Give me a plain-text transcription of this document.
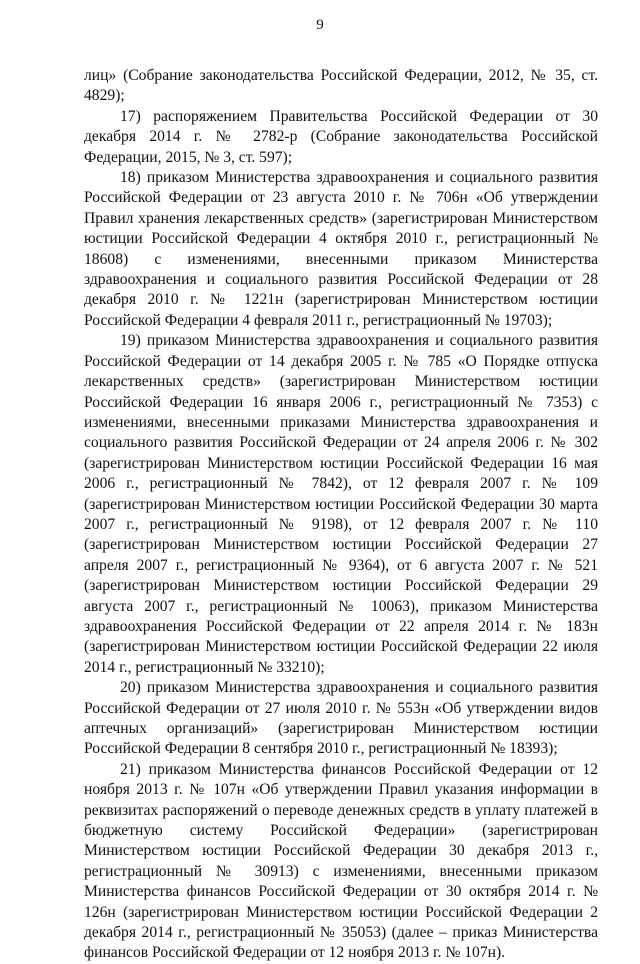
9

лиц» (Собрание законодательства Российской Федерации, 2012, № 35, ст. 4829);

17) распоряжением Правительства Российской Федерации от 30 декабря 2014 г. № 2782-р (Собрание законодательства Российской Федерации, 2015, № 3, ст. 597);

18) приказом Министерства здравоохранения и социального развития Российской Федерации от 23 августа 2010 г. № 706н «Об утверждении Правил хранения лекарственных средств» (зарегистрирован Министерством юстиции Российской Федерации 4 октября 2010 г., регистрационный № 18608) с изменениями, внесенными приказом Министерства здравоохранения и социального развития Российской Федерации от 28 декабря 2010 г. № 1221н (зарегистрирован Министерством юстиции Российской Федерации 4 февраля 2011 г., регистрационный № 19703);

19) приказом Министерства здравоохранения и социального развития Российской Федерации от 14 декабря 2005 г. № 785 «О Порядке отпуска лекарственных средств» (зарегистрирован Министерством юстиции Российской Федерации 16 января 2006 г., регистрационный № 7353) с изменениями, внесенными приказами Министерства здравоохранения и социального развития Российской Федерации от 24 апреля 2006 г. № 302 (зарегистрирован Министерством юстиции Российской Федерации 16 мая 2006 г., регистрационный № 7842), от 12 февраля 2007 г. № 109 (зарегистрирован Министерством юстиции Российской Федерации 30 марта 2007 г., регистрационный № 9198), от 12 февраля 2007 г. № 110 (зарегистрирован Министерством юстиции Российской Федерации 27 апреля 2007 г., регистрационный № 9364), от 6 августа 2007 г. № 521 (зарегистрирован Министерством юстиции Российской Федерации 29 августа 2007 г., регистрационный № 10063), приказом Министерства здравоохранения Российской Федерации от 22 апреля 2014 г. № 183н (зарегистрирован Министерством юстиции Российской Федерации 22 июля 2014 г., регистрационный № 33210);

20) приказом Министерства здравоохранения и социального развития Российской Федерации от 27 июля 2010 г. № 553н «Об утверждении видов аптечных организаций» (зарегистрирован Министерством юстиции Российской Федерации 8 сентября 2010 г., регистрационный № 18393);

21) приказом Министерства финансов Российской Федерации от 12 ноября 2013 г. № 107н «Об утверждении Правил указания информации в реквизитах распоряжений о переводе денежных средств в уплату платежей в бюджетную систему Российской Федерации» (зарегистрирован Министерством юстиции Российской Федерации 30 декабря 2013 г., регистрационный № 30913) с изменениями, внесенными приказом Министерства финансов Российской Федерации от 30 октября 2014 г. № 126н (зарегистрирован Министерством юстиции Российской Федерации 2 декабря 2014 г., регистрационный № 35053) (далее – приказ Министерства финансов Российской Федерации от 12 ноября 2013 г. № 107н).
